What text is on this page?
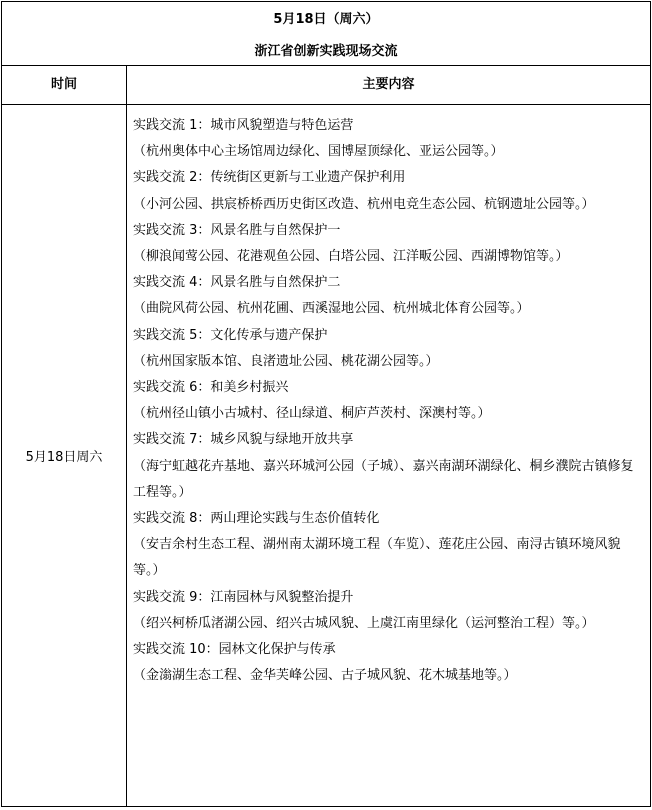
5月18日（周六）
浙江省创新实践现场交流
时间	主要内容
5月18日周六
实践交流 1：城市风貌塑造与特色运营
（杭州奥体中心主场馆周边绿化、国博屋顶绿化、亚运公园等。）
实践交流 2：传统街区更新与工业遗产保护利用
（小河公园、拱宸桥桥西历史街区改造、杭州电竞生态公园、杭钢遗址公园等。）
实践交流 3：风景名胜与自然保护一
（柳浪闻莺公园、花港观鱼公园、白塔公园、江洋畈公园、西湖博物馆等。）
实践交流 4：风景名胜与自然保护二
（曲院风荷公园、杭州花圃、西溪湿地公园、杭州城北体育公园等。）
实践交流 5：文化传承与遗产保护
（杭州国家版本馆、良渚遗址公园、桃花湖公园等。）
实践交流 6：和美乡村振兴
（杭州径山镇小古城村、径山绿道、桐庐芦茨村、深澳村等。）
实践交流 7：城乡风貌与绿地开放共享
（海宁虹越花卉基地、嘉兴环城河公园（子城）、嘉兴南湖环湖绿化、桐乡濮院古镇修复工程等。）
实践交流 8：两山理论实践与生态价值转化
（安吉余村生态工程、湖州南太湖环境工程（车览）、莲花庄公园、南浔古镇环境风貌等。）
实践交流 9：江南园林与风貌整治提升
（绍兴柯桥瓜渚湖公园、绍兴古城风貌、上虞江南里绿化（运河整治工程）等。）
实践交流 10：园林文化保护与传承
（金滃湖生态工程、金华芙峰公园、古子城风貌、花木城基地等。）
